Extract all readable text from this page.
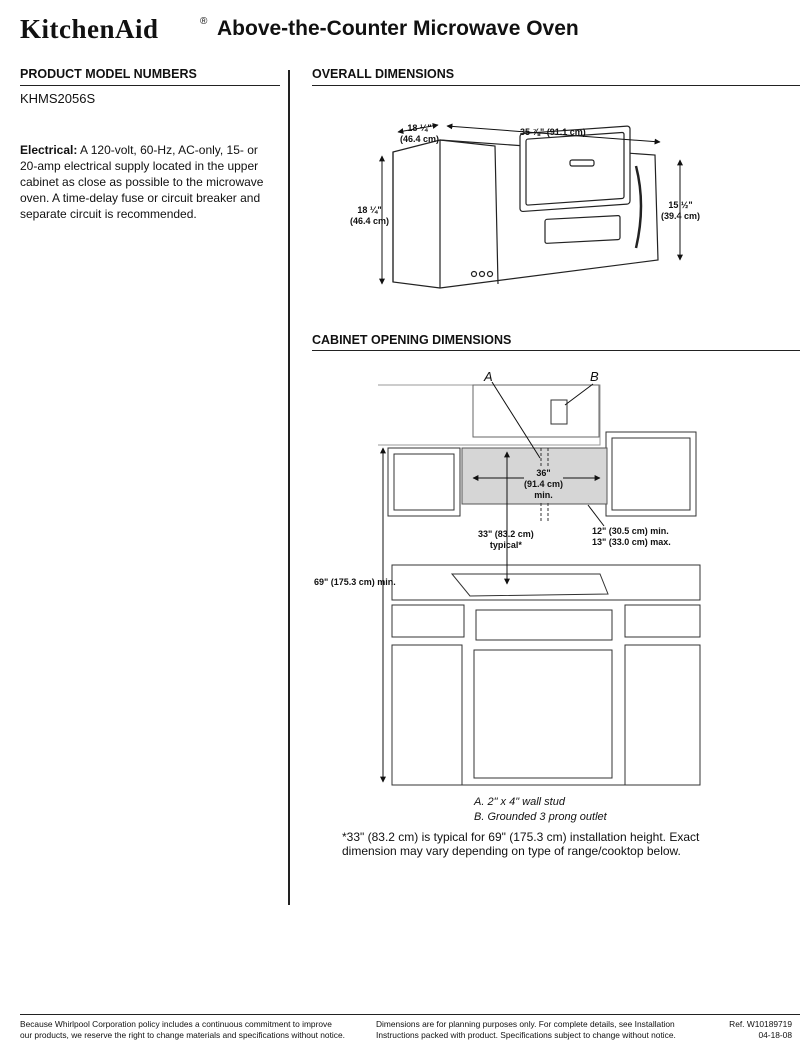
KitchenAid	® Above-the-Counter Microwave Oven
PRODUCT MODEL NUMBERS
KHMS2056S
Electrical: A 120-volt, 60-Hz, AC-only, 15- or 20-amp electrical supply located in the upper cabinet as close as possible to the microwave oven. A time-delay fuse or circuit breaker and separate circuit is recommended.
OVERALL DIMENSIONS
CABINET OPENING DIMENSIONS
18 ¼"
(46.4 cm)
35 ⅞" (91.1 cm)
18 ¼"
(46.4 cm)
15 ½"
(39.4 cm)
A	B
36"
(91.4 cm)
min.
33" (83.2 cm)
typical*
12" (30.5 cm) min.
13" (33.0 cm) max.
69" (175.3 cm) min.
A. 2" x 4" wall stud
B. Grounded 3 prong outlet
*33" (83.2 cm) is typical for 69" (175.3 cm) installation height. Exact dimension may vary depending on type of range/cooktop below.
Because Whirlpool Corporation policy includes a continuous commitment to improve
our products, we reserve the right to change materials and specifications without notice.
Dimensions are for planning purposes only. For complete details, see Installation
Instructions packed with product. Specifications subject to change without notice.
Ref. W10189719
04-18-08
